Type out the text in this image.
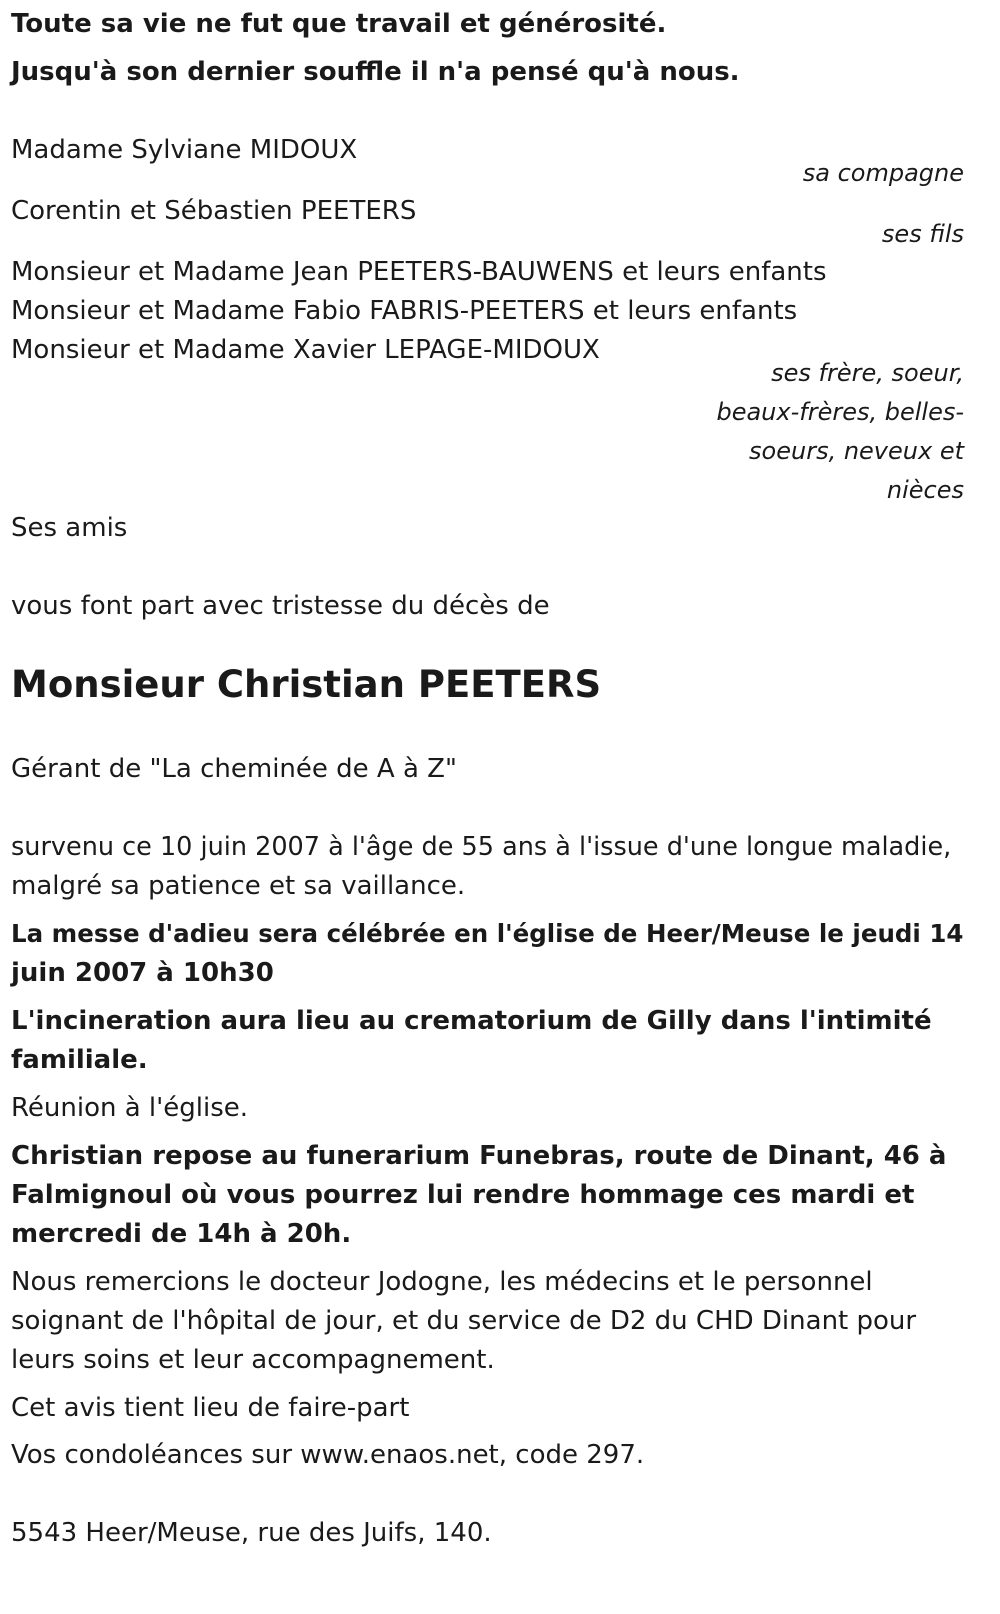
Toute sa vie ne fut que travail et générosité.
Jusqu'à son dernier souffle il n'a pensé qu'à nous.
Madame Sylviane MIDOUX
sa compagne
Corentin et Sébastien PEETERS
ses fils
Monsieur et Madame Jean PEETERS-BAUWENS et leurs enfants
Monsieur et Madame Fabio FABRIS-PEETERS et leurs enfants
Monsieur et Madame Xavier LEPAGE-MIDOUX
ses frère, soeur,
beaux-frères, belles-
soeurs, neveux et
nièces
Ses amis
vous font part avec tristesse du décès de
Monsieur Christian PEETERS
Gérant de "La cheminée de A à Z"
survenu ce 10 juin 2007 à l'âge de 55 ans à l'issue d'une longue maladie,
malgré sa patience et sa vaillance.
La messe d'adieu sera célébrée en l'église de Heer/Meuse le jeudi 14
juin 2007 à 10h30
L'incineration aura lieu au crematorium de Gilly dans l'intimité
familiale.
Réunion à l'église.
Christian repose au funerarium Funebras, route de Dinant, 46 à
Falmignoul où vous pourrez lui rendre hommage ces mardi et
mercredi de 14h à 20h.
Nous remercions le docteur Jodogne, les médecins et le personnel
soignant de l'hôpital de jour, et du service de D2 du CHD Dinant pour
leurs soins et leur accompagnement.
Cet avis tient lieu de faire-part
Vos condoléances sur www.enaos.net, code 297.
5543 Heer/Meuse, rue des Juifs, 140.
